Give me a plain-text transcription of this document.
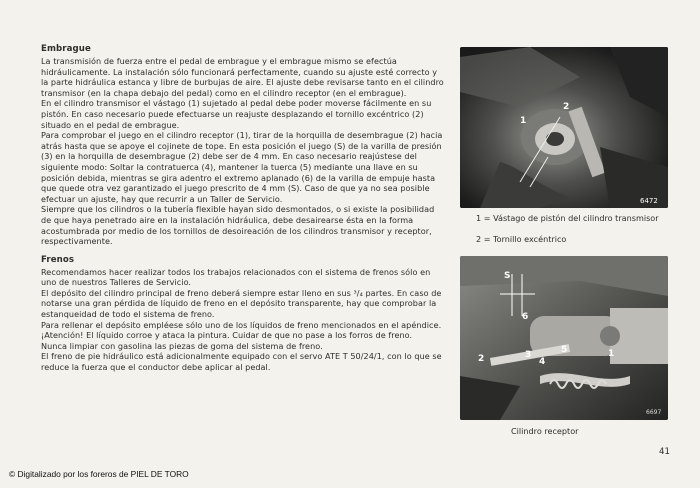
Embrague

La transmisión de fuerza entre el pedal de embrague y el embrague mismo se efectúa hidráulicamente. La instalación sólo funcionará perfectamente, cuando su ajuste esté correcto y la parte hidráulica estanca y libre de burbujas de aire. El ajuste debe revisarse tanto en el cilindro transmisor (en la chapa debajo del pedal) como en el cilindro receptor (en el embrague).

En el cilindro transmisor el vástago (1) sujetado al pedal debe poder moverse fácilmente en su pistón. En caso necesario puede efectuarse un reajuste desplazando el tornillo excéntrico (2) situado en el pedal de embrague.

Para comprobar el juego en el cilindro receptor (1), tirar de la horquilla de desembrague (2) hacia atrás hasta que se apoye el cojinete de tope. En esta posición el juego (S) de la varilla de presión (3) en la horquilla de desembrague (2) debe ser de 4 mm. En caso necesario reajústese del siguiente modo: Soltar la contratuerca (4), mantener la tuerca (5) mediante una llave en su posición debida, mientras se gira adentro el extremo aplanado (6) de la varilla de empuje hasta que quede otra vez garantizado el juego prescrito de 4 mm (S). Caso de que ya no sea posible efectuar un ajuste, hay que recurrir a un Taller de Servicio.

Siempre que los cilindros o la tubería flexible hayan sido desmontados, o si existe la posibilidad de que haya penetrado aire en la instalación hidráulica, debe desairearse ésta en la forma acostumbrada por medio de los tornillos de desoireación de los cilindros transmisor y receptor, respectivamente.

Frenos

Recomendamos hacer realizar todos los trabajos relacionados con el sistema de frenos sólo en uno de nuestros Talleres de Servicio.

El depósito del cilindro principal de freno deberá siempre estar lleno en sus ³/₄ partes. En caso de notarse una gran pérdida de líquido de freno en el depósito transparente, hay que comprobar la estanqueidad de todo el sistema de freno.

Para rellenar el depósito empléese sólo uno de los líquidos de freno mencionados en el apéndice. ¡Atención! El líquido corroe y ataca la pintura. Cuidar de que no pase a los forros de freno.

Nunca limpiar con gasolina las piezas de goma del sistema de freno.

El freno de pie hidráulico está adicionalmente equipado con el servo ATE T 50/24/1, con lo que se reduce la fuerza que el conductor debe aplicar al pedal.

1
2
6472
1 = Vástago de pistón del cilindro transmisor
2 = Tornillo excéntrico
S
6
2	3
4
5	1
6697
Cilindro receptor
41
© Digitalizado por los foreros de PIEL DE TORO
